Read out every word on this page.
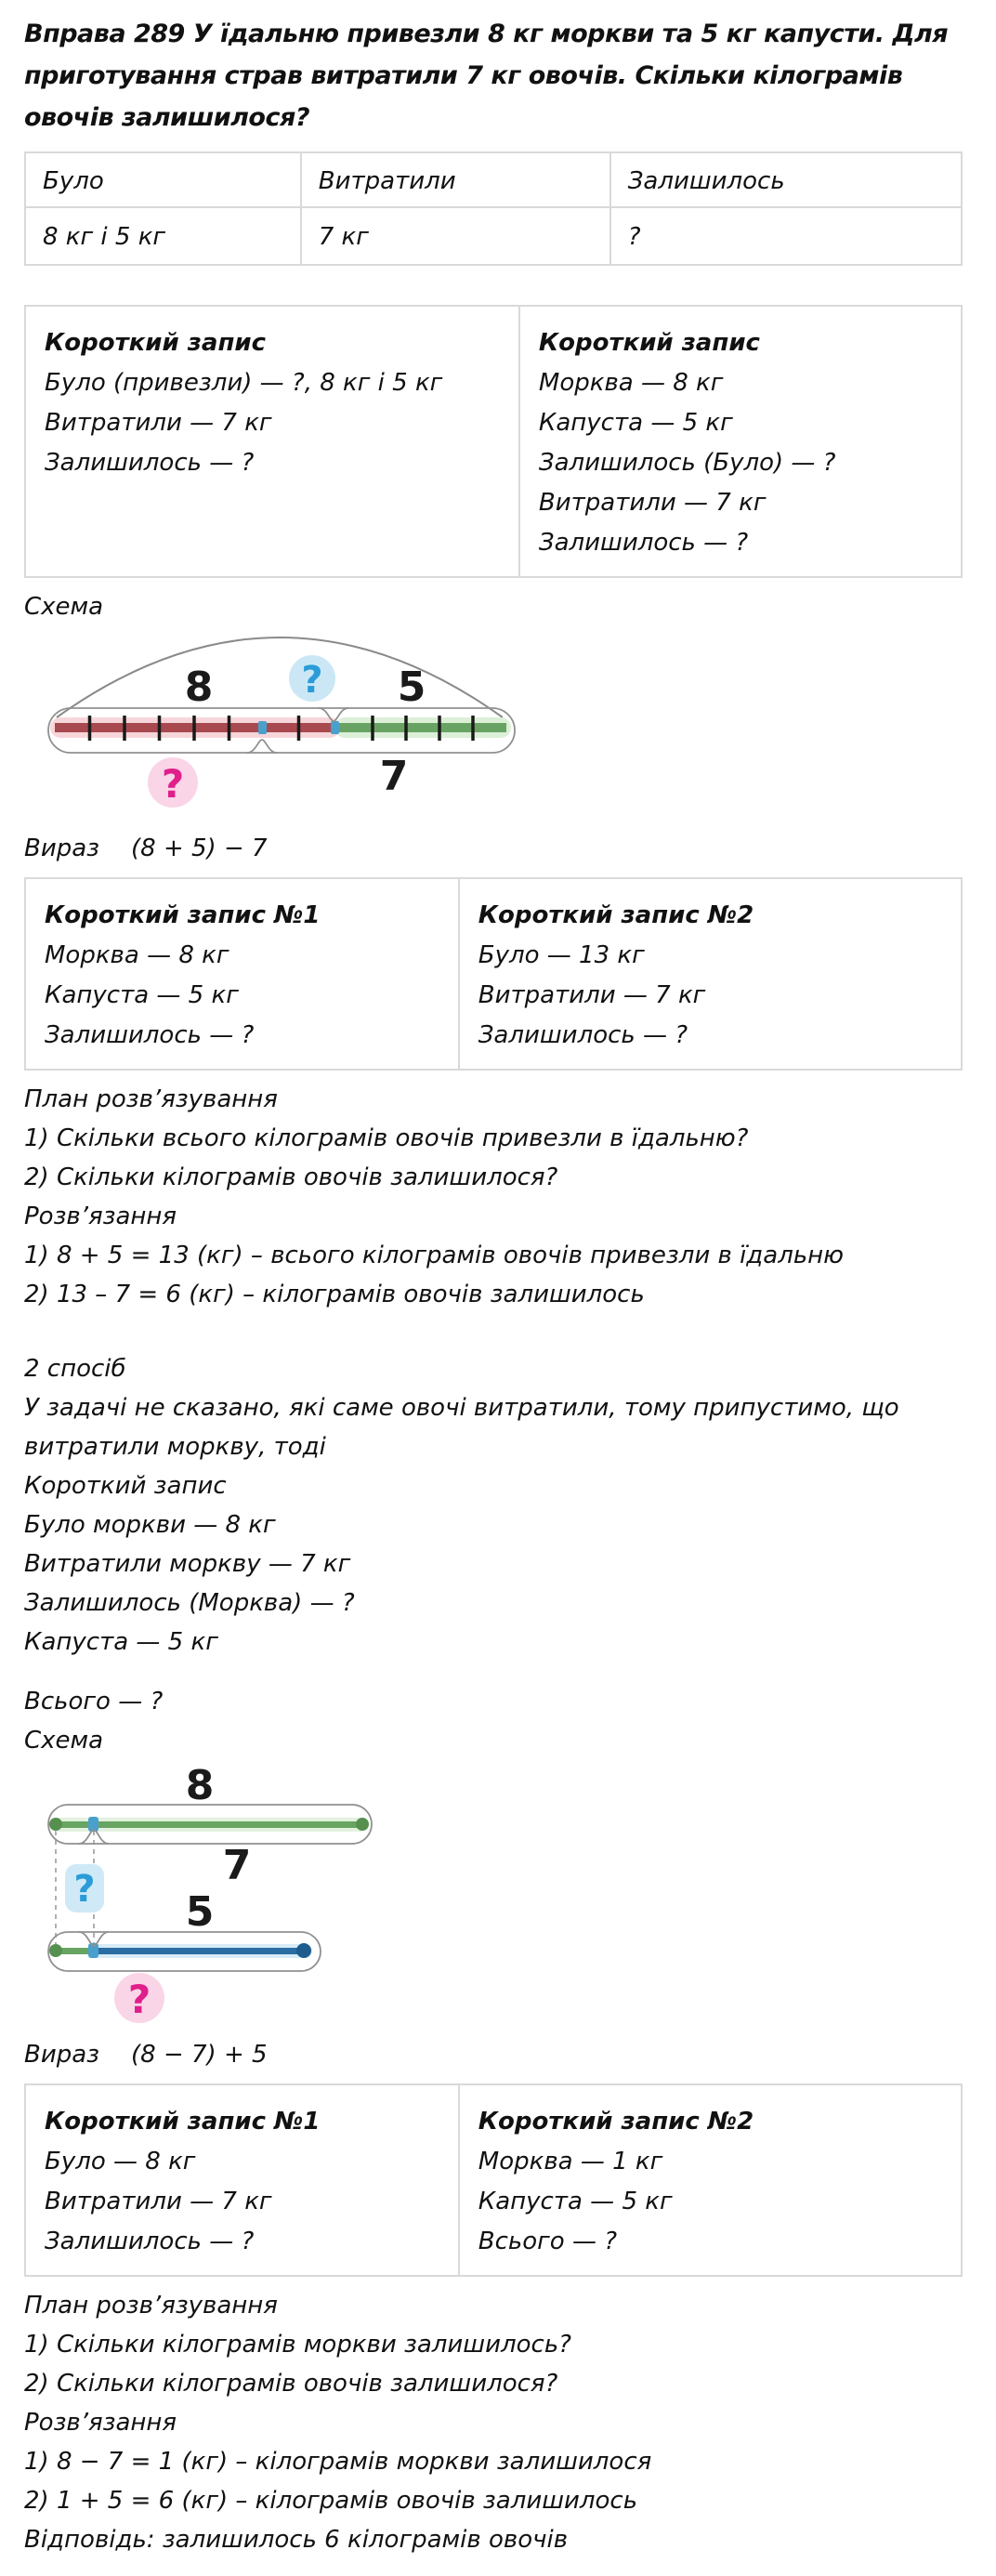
Вправа 289 У їдальню привезли 8 кг моркви та 5 кг капусти. Для приготування страв витратили 7 кг овочів. Скільки кілограмів овочів залишилося?

Було	Витратили	Залишилось
8 кг і 5 кг	7 кг	?

Короткий запис

Було (привезли) — ?, 8 кг і 5 кг

Витратили — 7 кг

Залишилось — ?

Короткий запис

Морква — 8 кг

Капуста — 5 кг

Залишилось (Було) — ?

Витратили — 7 кг

Залишилось — ?

Схема

8	5
?
7
?

Вираз (8 + 5) − 7

Короткий запис №1

Морква — 8 кг

Капуста — 5 кг

Залишилось — ?

Короткий запис №2

Було — 13 кг

Витратили — 7 кг

Залишилось — ?

План розв’язування

1) Скільки всього кілограмів овочів привезли в їдальню?

2) Скільки кілограмів овочів залишилося?

Розв’язання

1) 8 + 5 = 13 (кг) – всього кілограмів овочів привезли в їдальню

2) 13 – 7 = 6 (кг) – кілограмів овочів залишилось

2 спосіб

У задачі не сказано, які саме овочі витратили, тому припустимо, що витратили моркву, тоді

Короткий запис

Було моркви — 8 кг

Витратили моркву — 7 кг

Залишилось (Морква) — ?

Капуста — 5 кг

Всього — ?

Схема

8
7
? 5
?

Вираз (8 − 7) + 5

Короткий запис №1

Було — 8 кг

Витратили — 7 кг

Залишилось — ?

Короткий запис №2

Морква — 1 кг

Капуста — 5 кг

Всього — ?

План розв’язування

1) Скільки кілограмів моркви залишилось?

2) Скільки кілограмів овочів залишилося?

Розв’язання

1) 8 − 7 = 1 (кг) – кілограмів моркви залишилося

2) 1 + 5 = 6 (кг) – кілограмів овочів залишилось

Відповідь: залишилось 6 кілограмів овочів
